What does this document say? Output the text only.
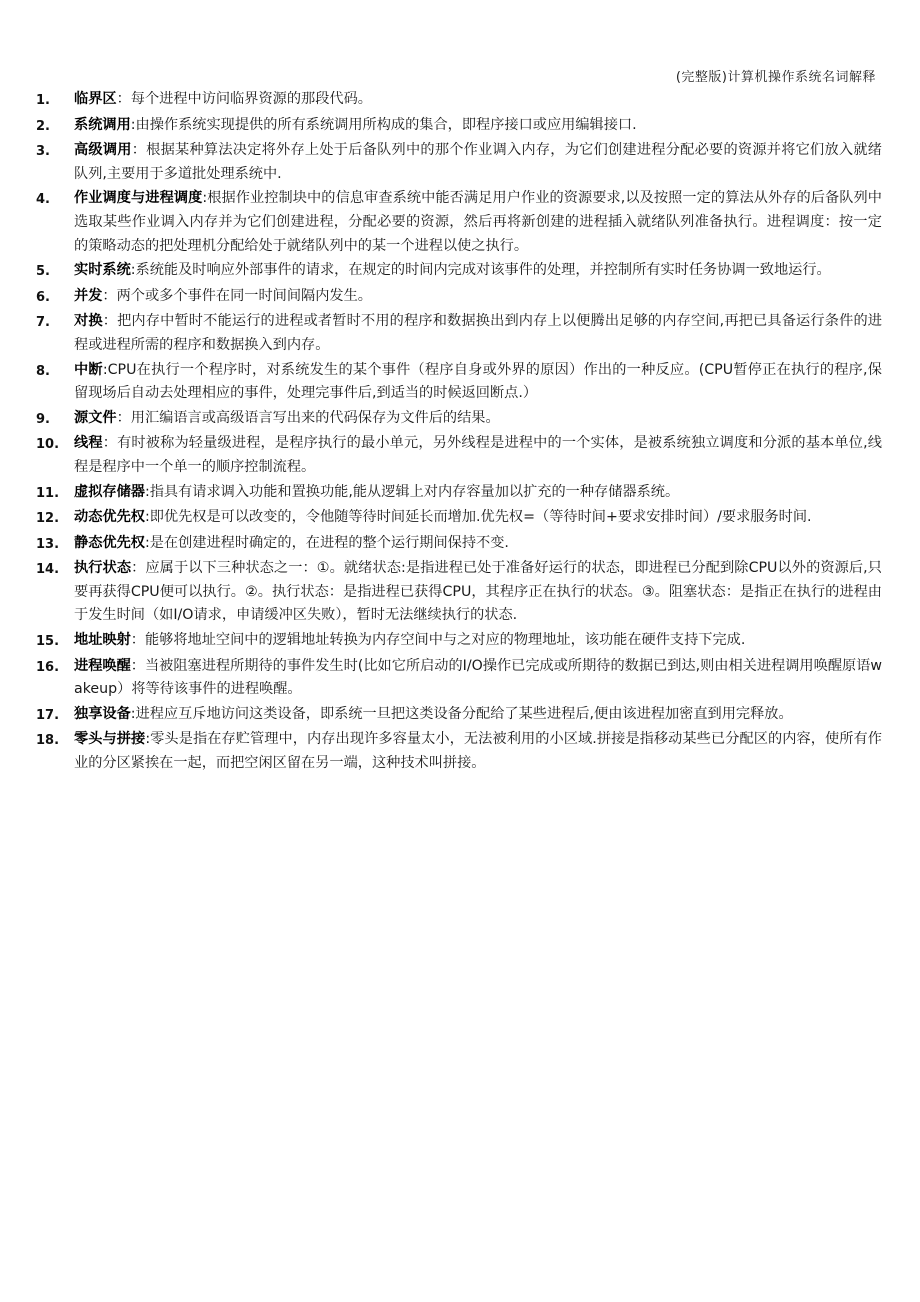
(完整版)计算机操作系统名词解释
1.	临界区：每个进程中访问临界资源的那段代码。
2.	系统调用:由操作系统实现提供的所有系统调用所构成的集合，即程序接口或应用编辑接口.
3.	高级调用：根据某种算法决定将外存上处于后备队列中的那个作业调入内存，为它们创建进程分配必要的资源并将它们放入就绪队列,主要用于多道批处理系统中.
4.	作业调度与进程调度:根据作业控制块中的信息审查系统中能否满足用户作业的资源要求,以及按照一定的算法从外存的后备队列中选取某些作业调入内存并为它们创建进程，分配必要的资源，然后再将新创建的进程插入就绪队列准备执行。进程调度：按一定的策略动态的把处理机分配给处于就绪队列中的某一个进程以使之执行。
5.	实时系统:系统能及时响应外部事件的请求，在规定的时间内完成对该事件的处理，并控制所有实时任务协调一致地运行。
6.	并发：两个或多个事件在同一时间间隔内发生。
7.	对换：把内存中暂时不能运行的进程或者暂时不用的程序和数据换出到内存上以便腾出足够的内存空间,再把已具备运行条件的进程或进程所需的程序和数据换入到内存。
8.	中断:CPU在执行一个程序时，对系统发生的某个事件（程序自身或外界的原因）作出的一种反应。(CPU暂停正在执行的程序,保留现场后自动去处理相应的事件，处理完事件后,到适当的时候返回断点.）
9.	源文件：用汇编语言或高级语言写出来的代码保存为文件后的结果。
10.	线程：有时被称为轻量级进程，是程序执行的最小单元，另外线程是进程中的一个实体，是被系统独立调度和分派的基本单位,线程是程序中一个单一的顺序控制流程。
11.	虚拟存储器:指具有请求调入功能和置换功能,能从逻辑上对内存容量加以扩充的一种存储器系统。
12.	动态优先权:即优先权是可以改变的，令他随等待时间延长而增加.优先权=（等待时间+要求安排时间）/要求服务时间.
13.	静态优先权:是在创建进程时确定的，在进程的整个运行期间保持不变.
14.	执行状态：应属于以下三种状态之一：①。就绪状态:是指进程已处于准备好运行的状态，即进程已分配到除CPU以外的资源后,只要再获得CPU便可以执行。②。执行状态：是指进程已获得CPU，其程序正在执行的状态。③。阻塞状态：是指正在执行的进程由于发生时间（如I/O请求，申请缓冲区失败），暂时无法继续执行的状态.
15.	地址映射：能够将地址空间中的逻辑地址转换为内存空间中与之对应的物理地址，该功能在硬件支持下完成.
16.	进程唤醒：当被阻塞进程所期待的事件发生时(比如它所启动的I/O操作已完成或所期待的数据已到达,则由相关进程调用唤醒原语wakeup）将等待该事件的进程唤醒。
17.	独享设备:进程应互斥地访问这类设备，即系统一旦把这类设备分配给了某些进程后,便由该进程加密直到用完释放。
18.	零头与拼接:零头是指在存贮管理中，内存出现许多容量太小，无法被利用的小区域.拼接是指移动某些已分配区的内容，使所有作业的分区紧挨在一起，而把空闲区留在另一端，这种技术叫拼接。
